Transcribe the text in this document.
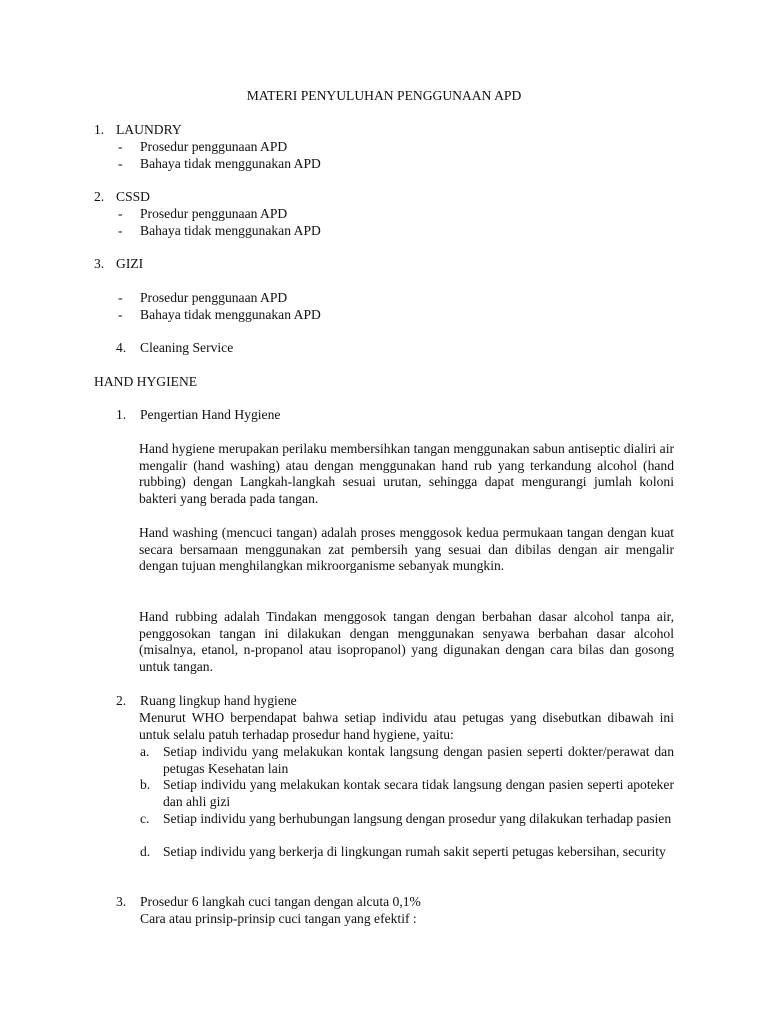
MATERI PENYULUHAN PENGGUNAAN APD
1. LAUNDRY
- Prosedur penggunaan APD
- Bahaya tidak menggunakan APD
2. CSSD
- Prosedur penggunaan APD
- Bahaya tidak menggunakan APD
3. GIZI
- Prosedur penggunaan APD
- Bahaya tidak menggunakan APD
4. Cleaning Service
HAND HYGIENE
1. Pengertian Hand Hygiene
Hand hygiene merupakan perilaku membersihkan tangan menggunakan sabun antiseptic dialiri air mengalir (hand washing) atau dengan menggunakan hand rub yang terkandung alcohol (hand rubbing) dengan Langkah-langkah sesuai urutan, sehingga dapat mengurangi jumlah koloni bakteri yang berada pada tangan.
Hand washing (mencuci tangan) adalah proses menggosok kedua permukaan tangan dengan kuat secara bersamaan menggunakan zat pembersih yang sesuai dan dibilas dengan air mengalir dengan tujuan menghilangkan mikroorganisme sebanyak mungkin.
Hand rubbing adalah Tindakan menggosok tangan dengan berbahan dasar alcohol tanpa air, penggosokan tangan ini dilakukan dengan menggunakan senyawa berbahan dasar alcohol (misalnya, etanol, n-propanol atau isopropanol) yang digunakan dengan cara bilas dan gosong untuk tangan.
2. Ruang lingkup hand hygiene
Menurut WHO berpendapat bahwa setiap individu atau petugas yang disebutkan dibawah ini untuk selalu patuh terhadap prosedur hand hygiene, yaitu:
a. Setiap individu yang melakukan kontak langsung dengan pasien seperti dokter/perawat dan petugas Kesehatan lain
b. Setiap individu yang melakukan kontak secara tidak langsung dengan pasien seperti apoteker dan ahli gizi
c. Setiap individu yang berhubungan langsung dengan prosedur yang dilakukan terhadap pasien
d. Setiap individu yang berkerja di lingkungan rumah sakit seperti petugas kebersihan, security
3. Prosedur 6 langkah cuci tangan dengan alcuta 0,1%
Cara atau prinsip-prinsip cuci tangan yang efektif :
